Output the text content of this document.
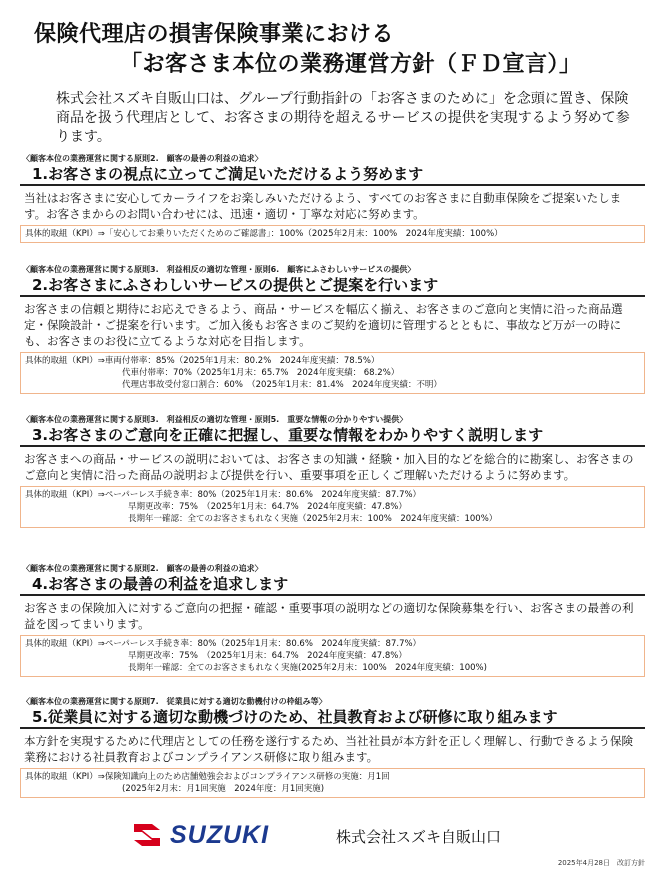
保険代理店の損害保険事業における
「お客さま本位の業務運営方針（ＦＤ宣言）」
株式会社スズキ自販山口は、グループ行動指針の「お客さまのために」を念頭に置き、保険商品を扱う代理店として、お客さまの期待を超えるサービスの提供を実現するよう努めて参ります。
〈顧客本位の業務運営に関する原則2.　顧客の最善の利益の追求〉
1.お客さまの視点に立ってご満足いただけるよう努めます
当社はお客さまに安心してカーライフをお楽しみいただけるよう、すべてのお客さまに自動車保険をご提案いたします。お客さまからのお問い合わせには、迅速・適切・丁寧な対応に努めます。
具体的取組（KPI）⇒「安心してお乗りいただくためのご確認書」：100%（2025年2月末：100%　2024年度実績：100%）
〈顧客本位の業務運営に関する原則3.　利益相反の適切な管理・原則6.　顧客にふさわしいサービスの提供〉
2.お客さまにふさわしいサービスの提供とご提案を行います
お客さまの信頼と期待にお応えできるよう、商品・サービスを幅広く揃え、お客さまのご意向と実情に沿った商品選定・保険設計・ご提案を行います。ご加入後もお客さまのご契約を適切に管理するとともに、事故など万が一の時にも、お客さまのお役に立てるような対応を目指します。
具体的取組（KPI）⇒車両付帯率：85%（2025年1月末：80.2%　2024年度実績：78.5%）
代車付帯率：70%（2025年1月末：65.7%　2024年度実績： 68.2%）
代理店事故受付窓口割合：60%　（2025年1月末：81.4%　2024年度実績：不明）
〈顧客本位の業務運営に関する原則3.　利益相反の適切な管理・原則5.　重要な情報の分かりやすい提供〉
3.お客さまのご意向を正確に把握し、重要な情報をわかりやすく説明します
お客さまへの商品・サービスの説明においては、お客さまの知識・経験・加入目的などを総合的に勘案し、お客さまのご意向と実情に沿った商品の説明および提供を行い、重要事項を正しくご理解いただけるように努めます。
具体的取組（KPI）⇒ペーパーレス手続き率：80%（2025年1月末：80.6%　2024年度実績：87.7%）
早期更改率：75%　（2025年1月末：64.7%　2024年度実績：47.8%）
長期年一確認：全てのお客さまもれなく実施（2025年2月末：100%　2024年度実績：100%）
〈顧客本位の業務運営に関する原則2.　顧客の最善の利益の追求〉
4.お客さまの最善の利益を追求します
お客さまの保険加入に対するご意向の把握・確認・重要事項の説明などの適切な保険募集を行い、お客さまの最善の利益を図ってまいります。
具体的取組（KPI）⇒ペーパーレス手続き率：80%（2025年1月末：80.6%　2024年度実績：87.7%）
早期更改率：75%　（2025年1月末：64.7%　2024年度実績：47.8%）
長期年一確認：全てのお客さまもれなく実施(2025年2月末：100%　2024年度実績：100%)
〈顧客本位の業務運営に関する原則7.　従業員に対する適切な動機付けの枠組み等〉
5.従業員に対する適切な動機づけのため、社員教育および研修に取り組みます
本方針を実現するために代理店としての任務を遂行するため、当社社員が本方針を正しく理解し、行動できるよう保険業務における社員教育およびコンプライアンス研修に取り組みます。
具体的取組（KPI）⇒保険知識向上のため店舗勉強会およびコンプライアンス研修の実施：月1回
(2025年2月末：月1回実施　2024年度：月1回実施)
SUZUKI	株式会社スズキ自販山口
2025年4月28日　改訂方針
